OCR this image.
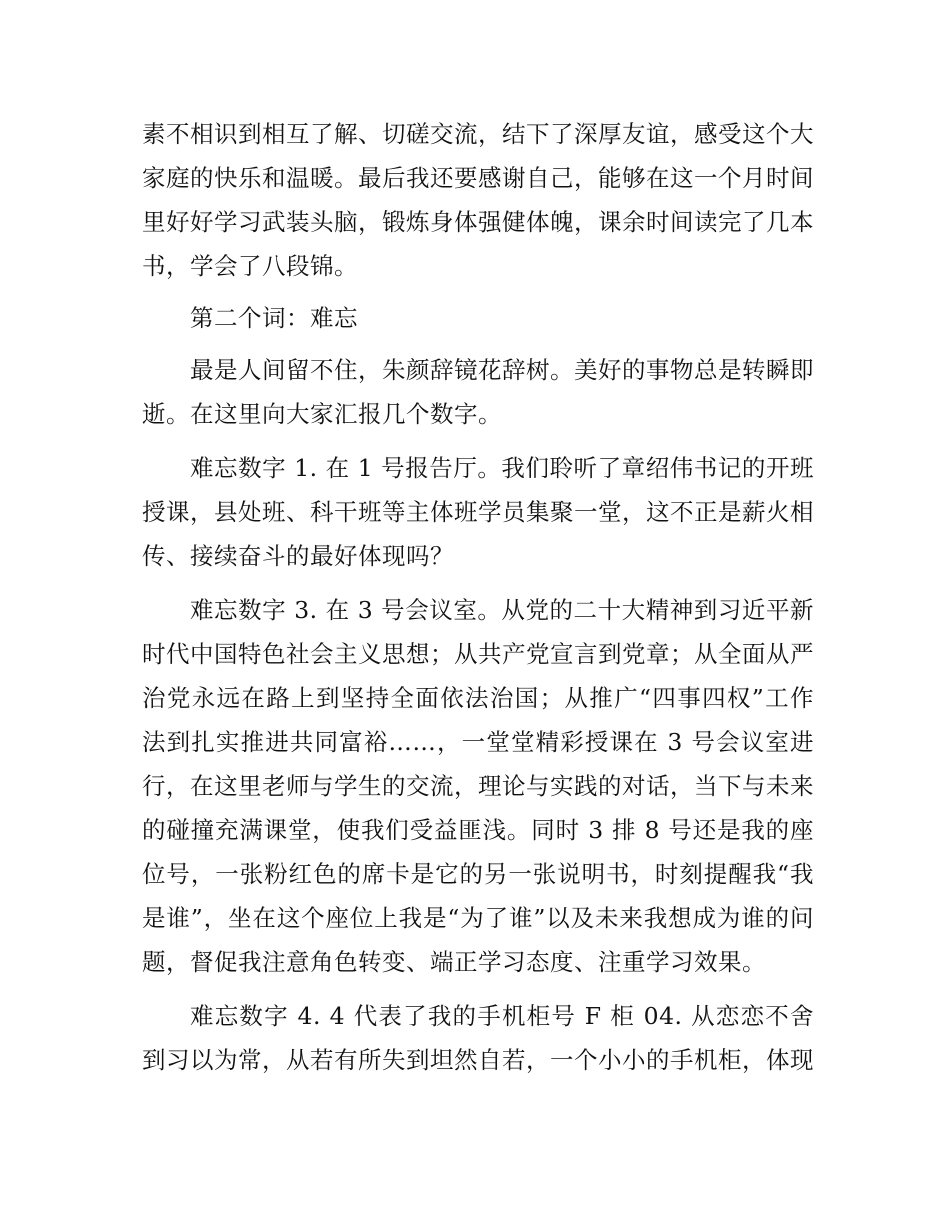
素不相识到相互了解、切磋交流，结下了深厚友谊，感受这个大家庭的快乐和温暖。最后我还要感谢自己，能够在这一个月时间里好好学习武装头脑，锻炼身体强健体魄，课余时间读完了几本书，学会了八段锦。

第二个词：难忘

最是人间留不住，朱颜辞镜花辞树。美好的事物总是转瞬即逝。在这里向大家汇报几个数字。

难忘数字 1. 在 1 号报告厅。我们聆听了章绍伟书记的开班授课，县处班、科干班等主体班学员集聚一堂，这不正是薪火相传、接续奋斗的最好体现吗？

难忘数字 3. 在 3 号会议室。从党的二十大精神到习近平新时代中国特色社会主义思想；从共产党宣言到党章；从全面从严治党永远在路上到坚持全面依法治国；从推广“四事四权”工作法到扎实推进共同富裕……，一堂堂精彩授课在 3 号会议室进行，在这里老师与学生的交流，理论与实践的对话，当下与未来的碰撞充满课堂，使我们受益匪浅。同时 3 排 8 号还是我的座位号，一张粉红色的席卡是它的另一张说明书，时刻提醒我“我是谁”，坐在这个座位上我是“为了谁”以及未来我想成为谁的问题，督促我注意角色转变、端正学习态度、注重学习效果。

难忘数字 4. 4 代表了我的手机柜号 F 柜 04. 从恋恋不舍到习以为常，从若有所失到坦然自若，一个小小的手机柜，体现
